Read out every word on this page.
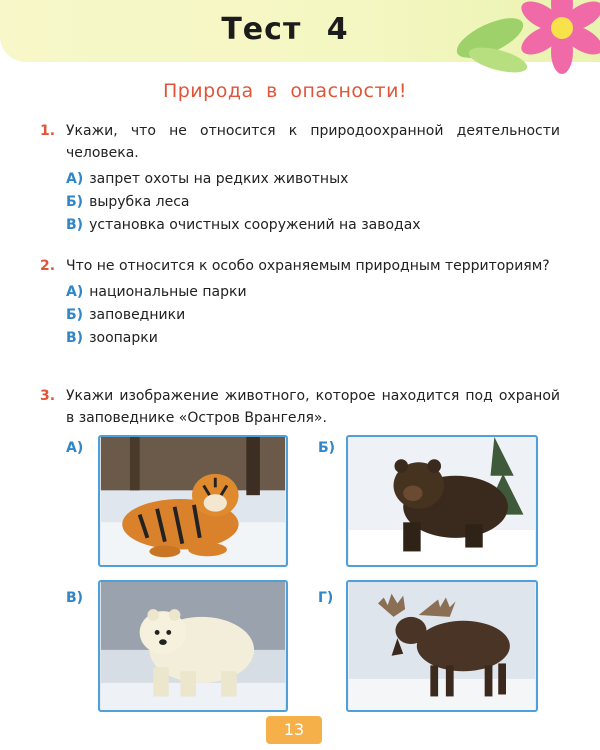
Тест 4
Природа в опасности!
1. Укажи, что не относится к природоохранной деятельности человека.
А) запрет охоты на редких животных
Б) вырубка леса
В) установка очистных сооружений на заводах
2. Что не относится к особо охраняемым природным территориям?
А) национальные парки
Б) заповедники
В) зоопарки
3. Укажи изображение животного, которое находится под охраной в заповеднике «Остров Врангеля».
А)	Б)
В)	Г)
13
